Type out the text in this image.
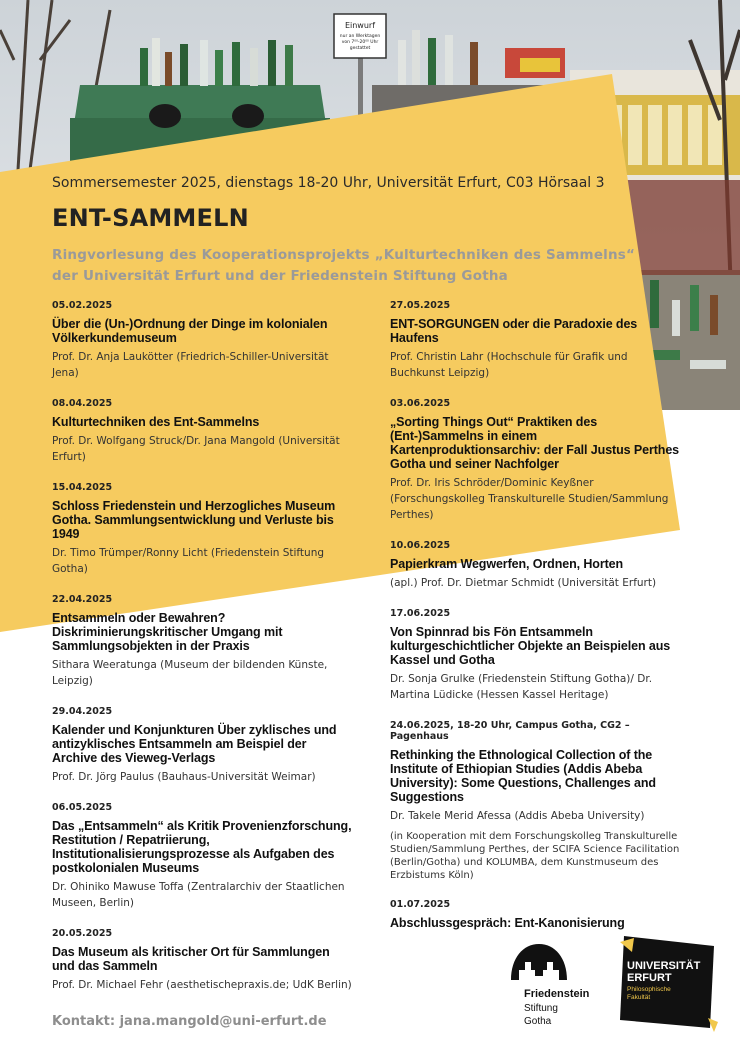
Einwurf
nur an Werktagen
von 7⁰⁰-20⁰⁰ Uhr
gestattet
Sommersemester 2025, dienstags 18-20 Uhr, Universität Erfurt, C03 Hörsaal 3
ENT-SAMMELN
Ringvorlesung des Kooperationsprojekts „Kulturtechniken des Sammelns“
der Universität Erfurt und der Friedenstein Stiftung Gotha
05.02.2025
Über die (Un-)Ordnung der Dinge im kolonialen Völkerkundemuseum
Prof. Dr. Anja Laukötter (Friedrich-Schiller-Universität Jena)
08.04.2025
Kulturtechniken des Ent-Sammelns
Prof. Dr. Wolfgang Struck/Dr. Jana Mangold (Universität Erfurt)
15.04.2025
Schloss Friedenstein und Herzogliches Museum Gotha. Sammlungsentwicklung und Verluste bis 1949
Dr. Timo Trümper/Ronny Licht (Friedenstein Stiftung Gotha)
22.04.2025
Entsammeln oder Bewahren? Diskriminierungskritischer Umgang mit Sammlungsobjekten in der Praxis
Sithara Weeratunga (Museum der bildenden Künste, Leipzig)
29.04.2025
Kalender und Konjunkturen Über zyklisches und antizyklisches Entsammeln am Beispiel der Archive des Vieweg-Verlags
Prof. Dr. Jörg Paulus (Bauhaus-Universität Weimar)
06.05.2025
Das „Entsammeln“ als Kritik Provenienzforschung, Restitution / Repatriierung, Institutionalisierungsprozesse als Aufgaben des postkolonialen Museums
Dr. Ohiniko Mawuse Toffa (Zentralarchiv der Staatlichen Museen, Berlin)
20.05.2025
Das Museum als kritischer Ort für Sammlungen und das Sammeln
Prof. Dr. Michael Fehr (aesthetischepraxis.de; UdK Berlin)
27.05.2025
ENT-SORGUNGEN oder die Paradoxie des Haufens
Prof. Christin Lahr (Hochschule für Grafik und Buchkunst Leipzig)
03.06.2025
„Sorting Things Out“ Praktiken des (Ent-)Sammelns in einem Kartenproduktionsarchiv: der Fall Justus Perthes Gotha und seiner Nachfolger
Prof. Dr. Iris Schröder/Dominic Keyßner (Forschungskolleg Transkulturelle Studien/Sammlung Perthes)
10.06.2025
Papierkram Wegwerfen, Ordnen, Horten
(apl.) Prof. Dr. Dietmar Schmidt (Universität Erfurt)
17.06.2025
Von Spinnrad bis Fön Entsammeln kulturgeschichtlicher Objekte an Beispielen aus Kassel und Gotha
Dr. Sonja Grulke (Friedenstein Stiftung Gotha)/ Dr. Martina Lüdicke (Hessen Kassel Heritage)
24.06.2025, 18-20 Uhr, Campus Gotha, CG2 – Pagenhaus
Rethinking the Ethnological Collection of the Institute of Ethiopian Studies (Addis Abeba University): Some Questions, Challenges and Suggestions
Dr. Takele Merid Afessa (Addis Abeba University)
(in Kooperation mit dem Forschungskolleg Transkulturelle Studien/Sammlung Perthes, der SCIFA Science Facilitation (Berlin/Gotha) und KOLUMBA, dem Kunstmuseum des Erzbistums Köln)
01.07.2025
Abschlussgespräch: Ent-Kanonisierung
Kontakt: jana.mangold@uni-erfurt.de
Friedenstein
Stiftung
Gotha
UNIVERSITÄT
ERFURT
Philosophische
Fakultät
